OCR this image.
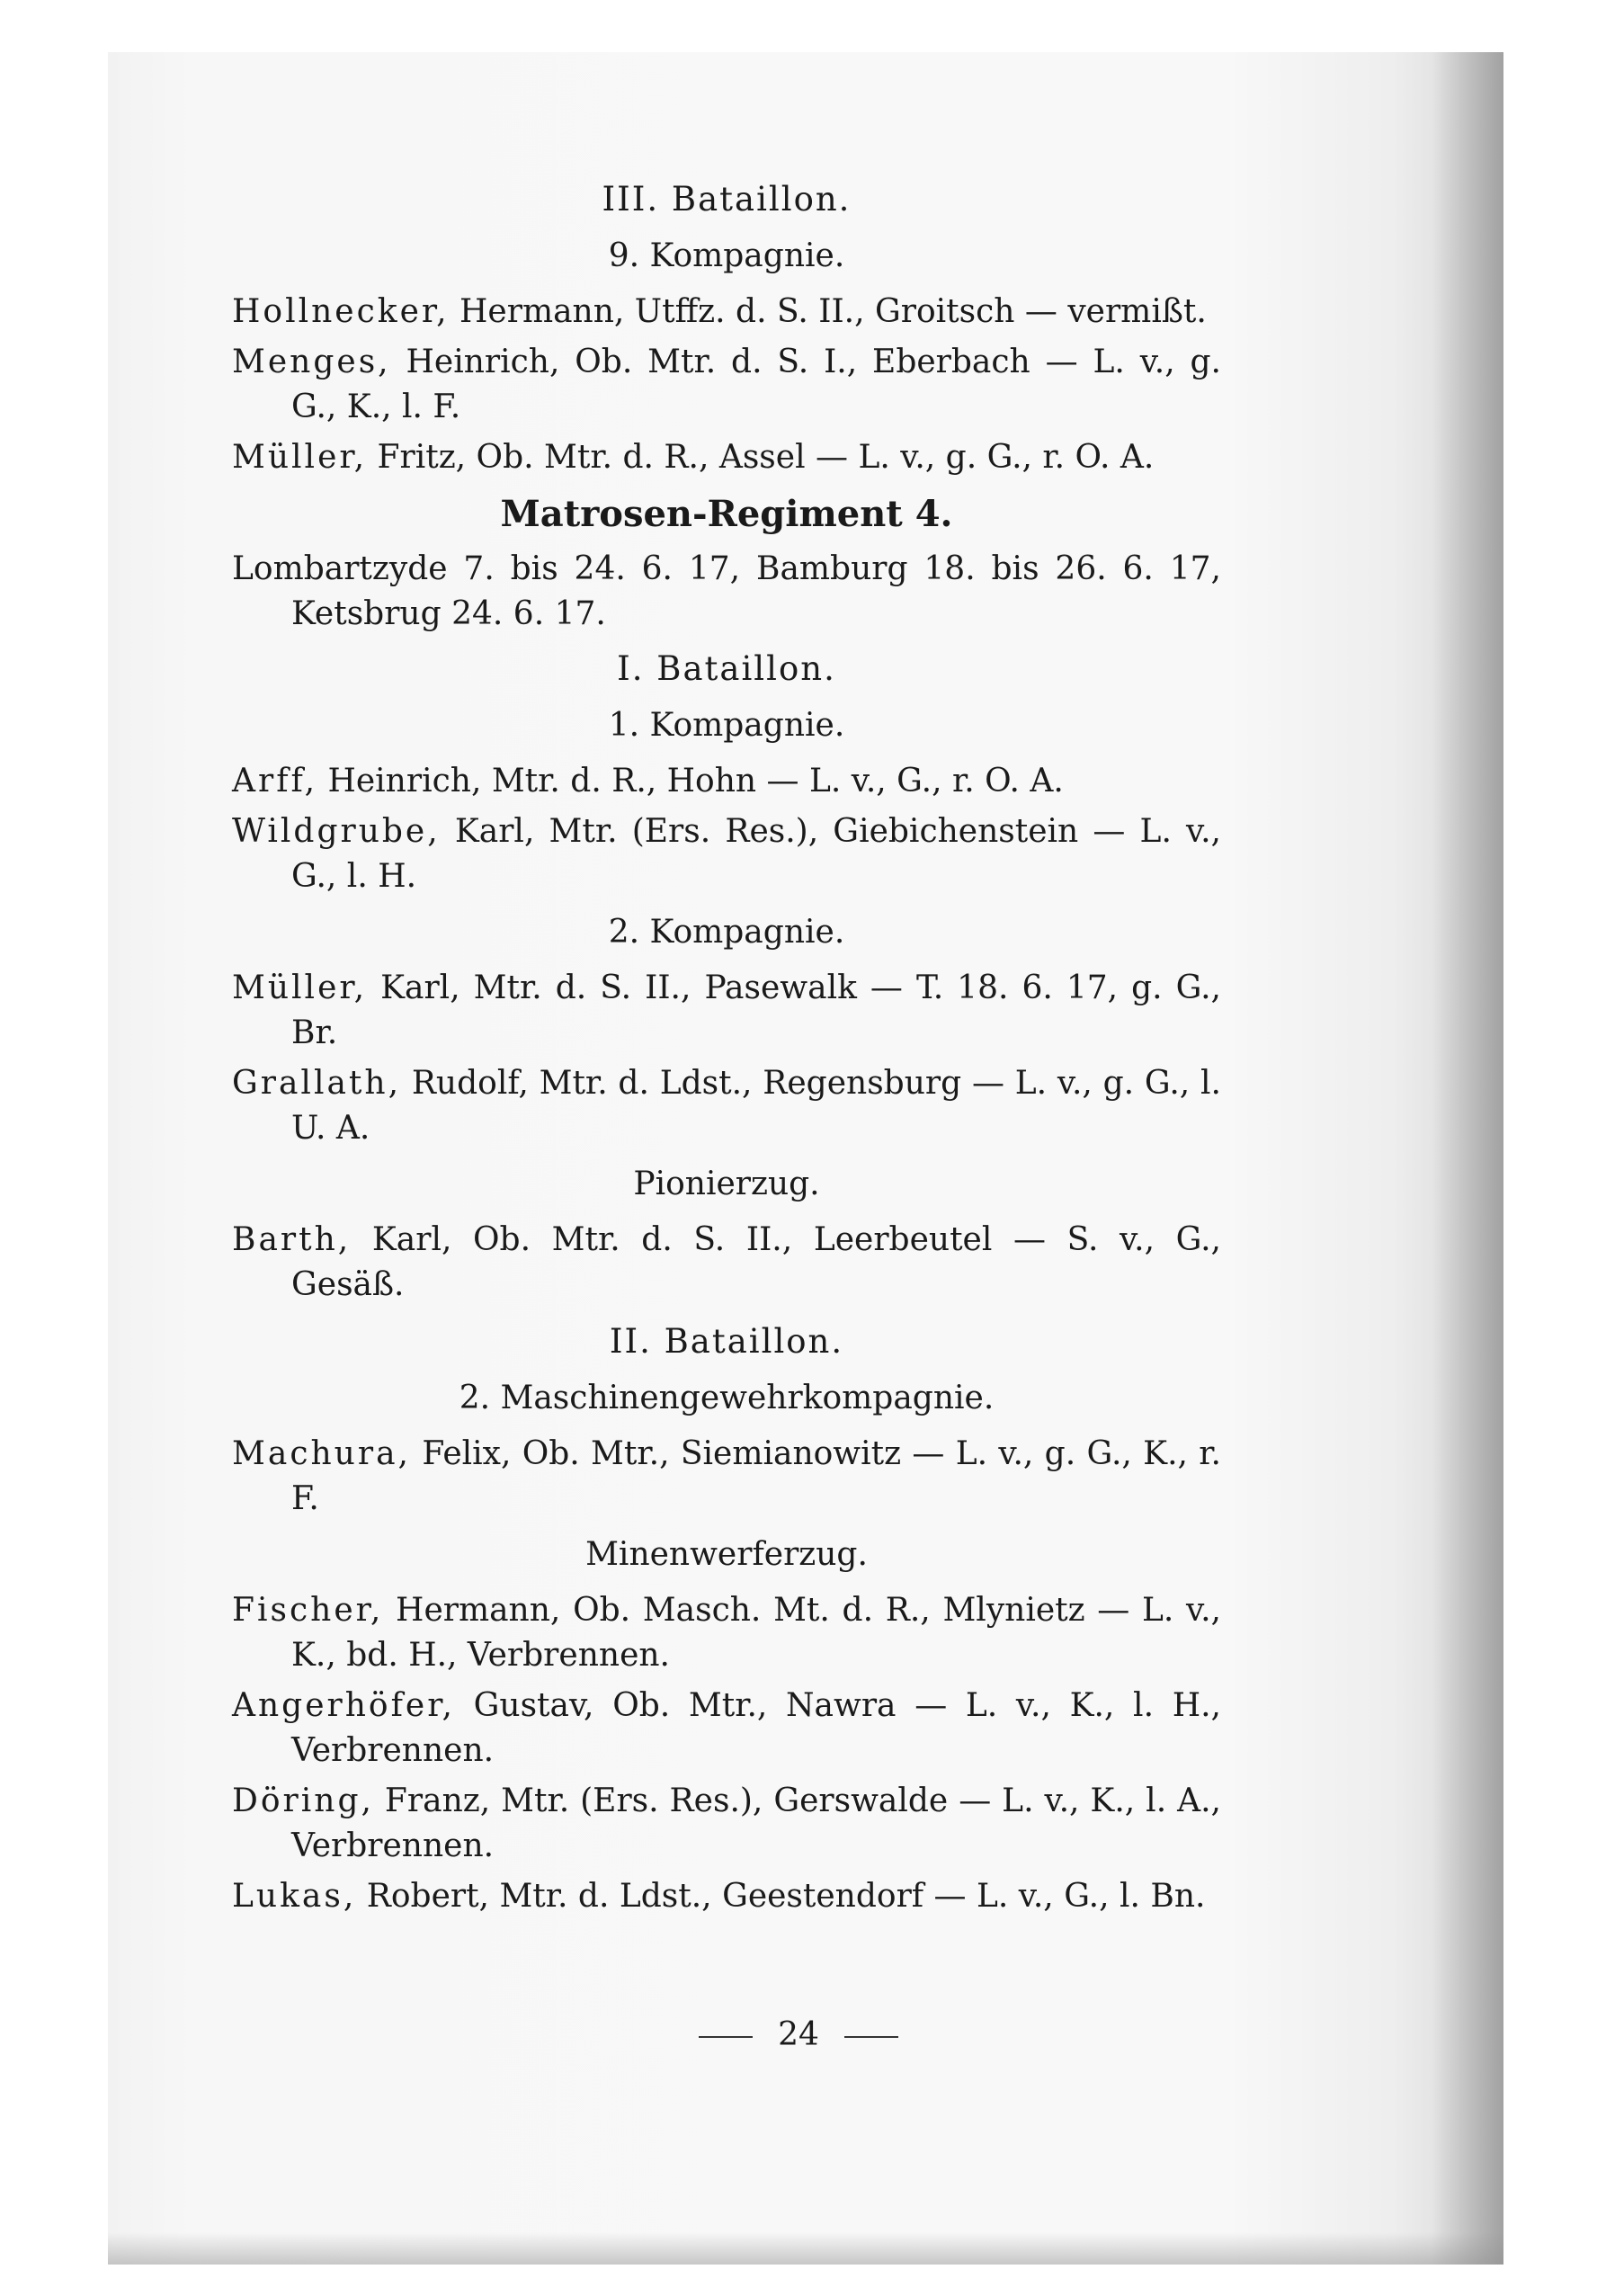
III. Bataillon.

9. Kompagnie.

Hollnecker, Hermann, Utffz. d. S. II., Groitsch — vermißt.

Menges, Heinrich, Ob. Mtr. d. S. I., Eberbach — L. v., g. G., K., l. F.

Müller, Fritz, Ob. Mtr. d. R., Assel — L. v., g. G., r. O. A.

Matrosen-Regiment 4.

Lombartzyde 7. bis 24. 6. 17, Bamburg 18. bis 26. 6. 17, Ketsbrug 24. 6. 17.

I. Bataillon.

1. Kompagnie.

Arff, Heinrich, Mtr. d. R., Hohn — L. v., G., r. O. A.

Wildgrube, Karl, Mtr. (Ers. Res.), Giebichenstein — L. v., G., l. H.

2. Kompagnie.

Müller, Karl, Mtr. d. S. II., Pasewalk — T. 18. 6. 17, g. G., Br.

Grallath, Rudolf, Mtr. d. Ldst., Regensburg — L. v., g. G., l. U. A.

Pionierzug.

Barth, Karl, Ob. Mtr. d. S. II., Leerbeutel — S. v., G., Gesäß.

II. Bataillon.

2. Maschinengewehrkompagnie.

Machura, Felix, Ob. Mtr., Siemianowitz — L. v., g. G., K., r. F.

Minenwerferzug.

Fischer, Hermann, Ob. Masch. Mt. d. R., Mlynietz — L. v., K., bd. H., Verbrennen.

Angerhöfer, Gustav, Ob. Mtr., Nawra — L. v., K., l. H., Verbrennen.

Döring, Franz, Mtr. (Ers. Res.), Gerswalde — L. v., K., l. A., Verbrennen.

Lukas, Robert, Mtr. d. Ldst., Geestendorf — L. v., G., l. Bn.

24
